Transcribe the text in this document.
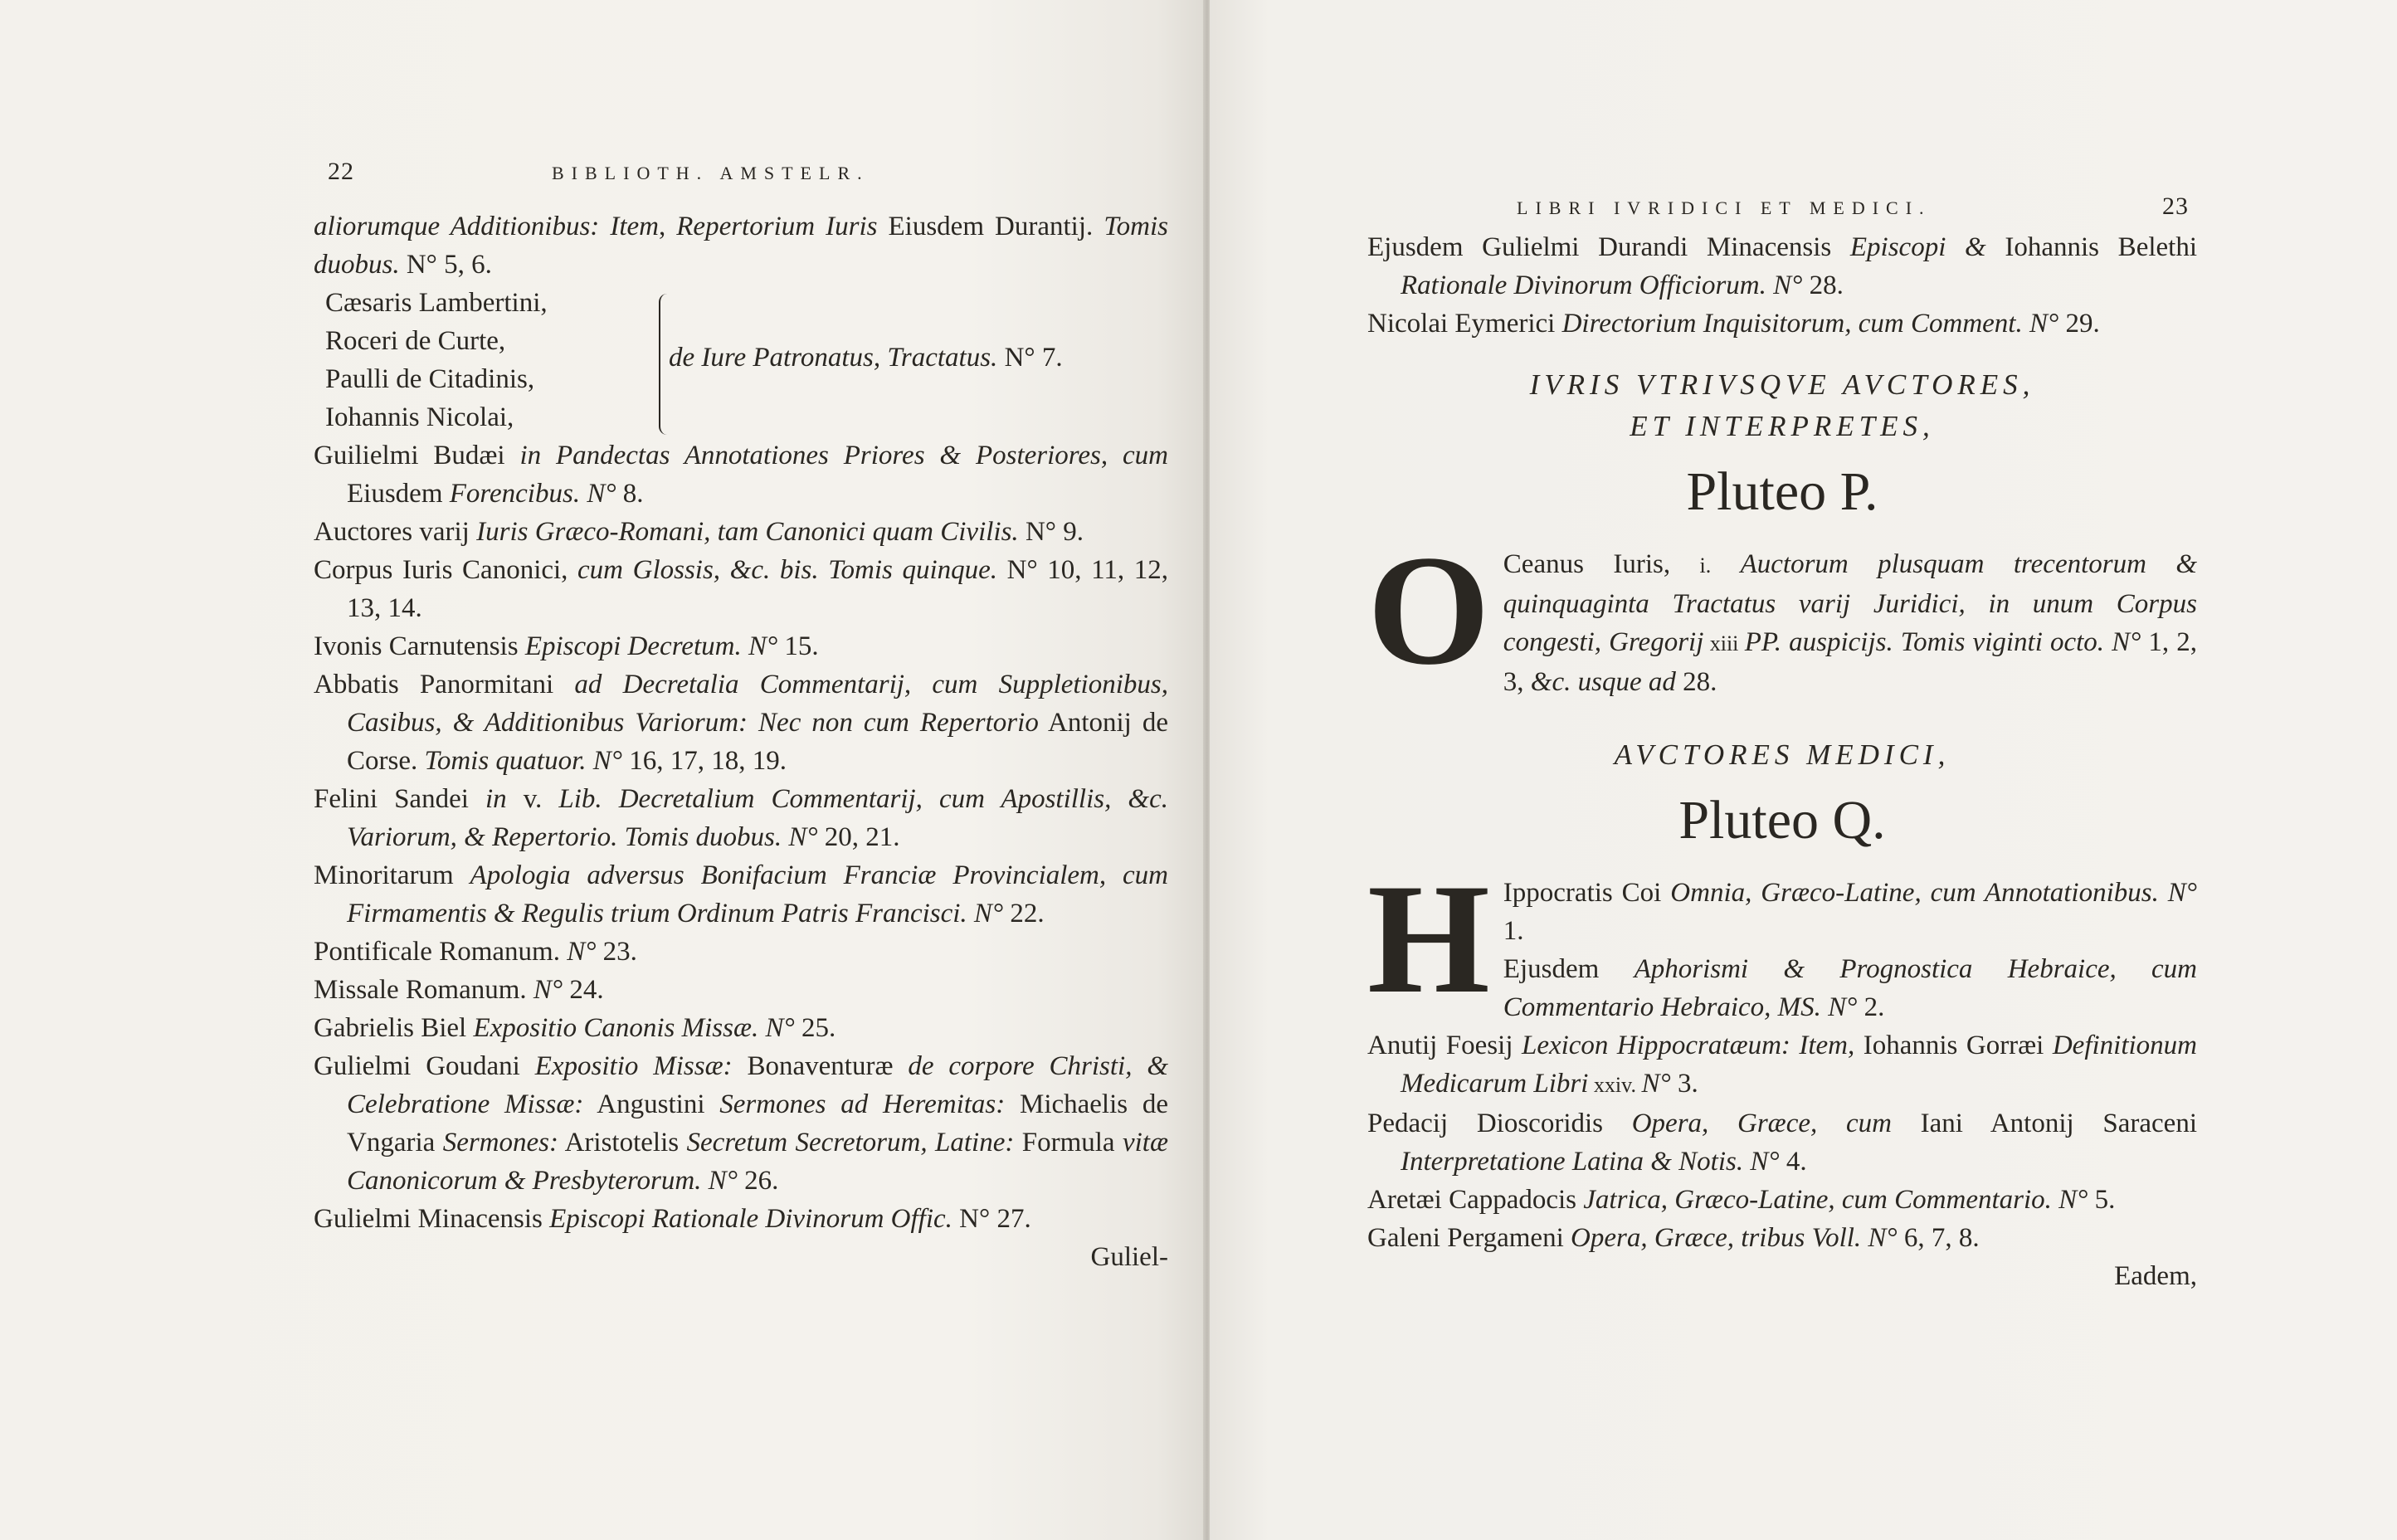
22	BIBLIOTH. AMSTELR.

aliorumque Additionibus: Item, Repertorium Iuris Eiusdem Durantij. Tomis duobus. N° 5, 6.

Cæsaris Lambertini,
Roceri de Curte,
Paulli de Citadinis,
Iohannis Nicolai,
de Iure Patronatus, Tractatus. N° 7.

Guilielmi Budæi in Pandectas Annotationes Priores & Posteriores, cum Eiusdem Forencibus. N° 8.

Auctores varij Iuris Græco-Romani, tam Canonici quam Civilis. N° 9.

Corpus Iuris Canonici, cum Glossis, &c. bis. Tomis quinque. N° 10, 11, 12, 13, 14.

Ivonis Carnutensis Episcopi Decretum. N° 15.

Abbatis Panormitani ad Decretalia Commentarij, cum Suppletionibus, Casibus, & Additionibus Variorum: Nec non cum Repertorio Antonij de Corse. Tomis quatuor. N° 16, 17, 18, 19.

Felini Sandei in v. Lib. Decretalium Commentarij, cum Apostillis, &c. Variorum, & Repertorio. Tomis duobus. N° 20, 21.

Minoritarum Apologia adversus Bonifacium Franciæ Provincialem, cum Firmamentis & Regulis trium Ordinum Patris Francisci. N° 22.

Pontificale Romanum. N° 23.

Missale Romanum. N° 24.

Gabrielis Biel Expositio Canonis Missæ. N° 25.

Gulielmi Goudani Expositio Missæ: Bonaventuræ de corpore Christi, & Celebratione Missæ: Angustini Sermones ad Heremitas: Michaelis de Vngaria Sermones: Aristotelis Secretum Secretorum, Latine: Formula vitæ Canonicorum & Presbyterorum. N° 26.

Gulielmi Minacensis Episcopi Rationale Divinorum Offic. N° 27.

Guliel-

LIBRI IVRIDICI ET MEDICI.	23

Ejusdem Gulielmi Durandi Minacensis Episcopi & Iohannis Belethi Rationale Divinorum Officiorum. N° 28.

Nicolai Eymerici Directorium Inquisitorum, cum Comment. N° 29.

IVRIS VTRIVSQVE AVCTORES,

ET INTERPRETES,

Pluteo P.

O Ceanus Iuris, i. Auctorum plusquam trecentorum & quinquaginta Tractatus varij Juridici, in unum Corpus congesti, Gregorij xiii PP. auspicijs. Tomis viginti octo. N° 1, 2, 3, &c. usque ad 28.

AVCTORES MEDICI,

Pluteo Q.

H Ippocratis Coi Omnia, Græco-Latine, cum Annotationibus. N° 1.
Ejusdem Aphorismi & Prognostica Hebraice, cum Commentario Hebraico, MS. N° 2.

Anutij Foesij Lexicon Hippocratæum: Item, Iohannis Gorræi Definitionum Medicarum Libri xxiv. N° 3.

Pedacij Dioscoridis Opera, Græce, cum Iani Antonij Saraceni Interpretatione Latina & Notis. N° 4.

Aretæi Cappadocis Jatrica, Græco-Latine, cum Commentario. N° 5.

Galeni Pergameni Opera, Græce, tribus Voll. N° 6, 7, 8.

Eadem,
